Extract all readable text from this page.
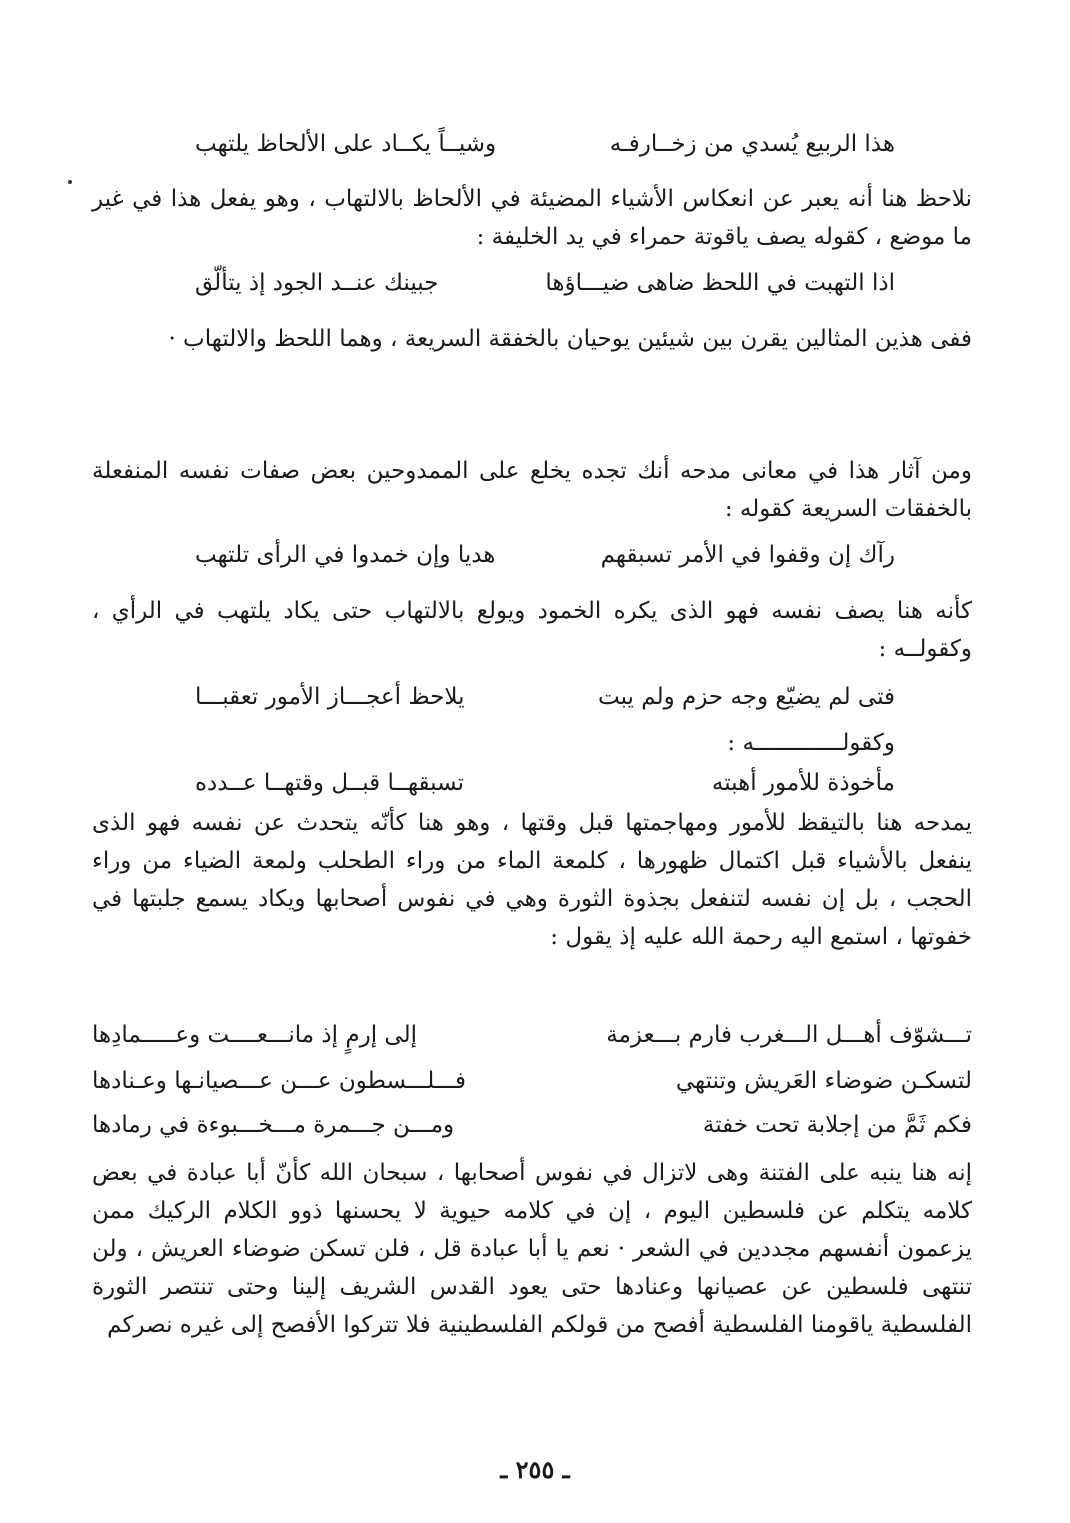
هذا الربيع يُسدي من زخــارفـه
وشيــاً يكــاد على الألحاظ يلتهب
نلاحظ هنا أنه يعبر عن انعكاس الأشياء المضيئة في الألحاظ بالالتهاب ، وهو يفعل هذا في غير ما موضع ، كقوله يصف ياقوتة حمراء في يد الخليفة :
اذا التهبت في اللحظ ضاهى ضيـــاؤها
جبينك عنــد الجود إذ يتألّق
ففى هذين المثالين يقرن بين شيئين يوحيان بالخفقة السريعة ، وهما اللحظ والالتهاب ·
ومن آثار هذا في معانى مدحه أنك تجده يخلع على الممدوحين بعض صفات نفسه المنفعلة بالخفقات السريعة كقوله :
رآك إن وقفوا في الأمر تسبقهم
هديا وإن خمدوا في الرأى تلتهب
كأنه هنا يصف نفسه فهو الذى يكره الخمود ويولع بالالتهاب حتى يكاد يلتهب في الرأي ، وكقولــه :
فتى لم يضيّع وجه حزم ولم يبت
يلاحظ أعجـــاز الأمور تعقبـــا
وكقولـــــــــــــه :
مأخوذة للأمور أهبته
تسبقهــا قبــل وقتهــا عــدده
يمدحه هنا بالتيقظ للأمور ومهاجمتها قبل وقتها ، وهو هنا كأنّه يتحدث عن نفسه فهو الذى ينفعل بالأشياء قبل اكتمال ظهورها ، كلمعة الماء من وراء الطحلب ولمعة الضياء من وراء الحجب ، بل إن نفسه لتنفعل بجذوة الثورة وهي في نفوس أصحابها ويكاد يسمع جلبتها في خفوتها ، استمع اليه رحمة الله عليه إذ يقول :
تـــشوّف أهـــل الـــغرب فارم بـــعزمة
إلى إرمٍ إذ مانـــعــــت وعـــــمادِها
لتسكـن ضوضاء العَريش وتنتهي
فـــلـــسطون عـــن عـــصيانـها وعـنادها
فكم ثَمَّ من إجلابة تحت خفتة
ومـــن جـــمرة مـــخـــبوءة في رمادها
إنه هنا ينبه على الفتنة وهى لاتزال في نفوس أصحابها ، سبحان الله كأنّ أبا عبادة في بعض كلامه يتكلم عن فلسطين اليوم ، إن في كلامه حيوية لا يحسنها ذوو الكلام الركيك ممن يزعمون أنفسهم مجددين في الشعر · نعم يا أبا عبادة قل ، فلن تسكن ضوضاء العريش ، ولن تنتهى فلسطين عن عصيانها وعنادها حتى يعود القدس الشريف إلينا وحتى تنتصر الثورة الفلسطية ياقومنا الفلسطية أفصح من قولكم الفلسطينية فلا تتركوا الأفصح إلى غيره نصركم
ـ ٢٥٥ ـ
